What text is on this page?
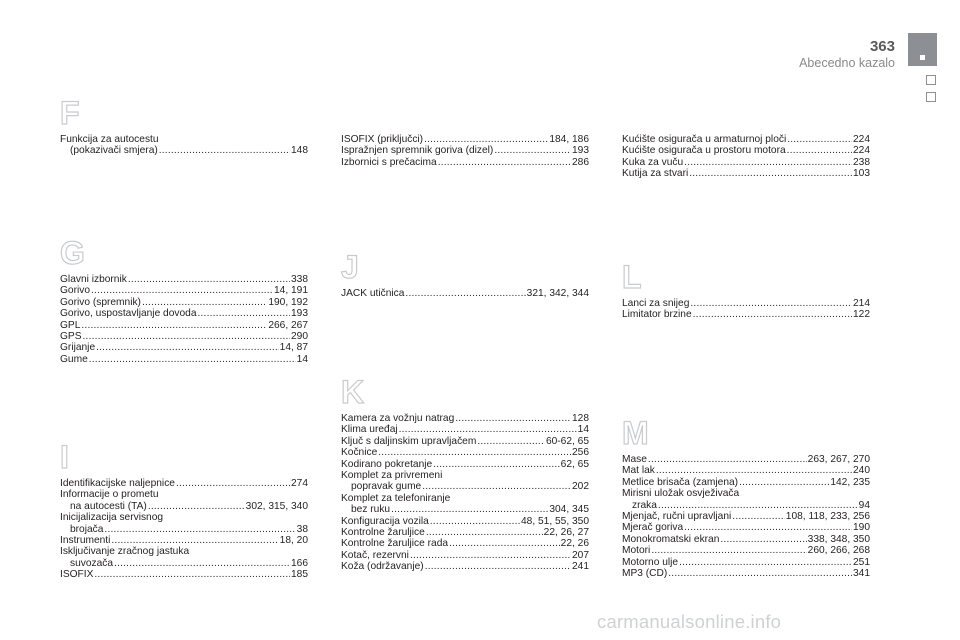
363
Abecedno kazalo
F
Funkcija za autocestu
(pokazivači smjera) .....	148
G
Glavni izbornik .....	338
Gorivo .....	14, 191
Gorivo (spremnik) .....	190, 192
Gorivo, uspostavljanje dovoda .....	193
GPL .....	266, 267
GPS .....	290
Grijanje .....	14, 87
Gume .....	14
I
Identifikacijske naljepnice .....	274
Informacije o prometu
na autocesti (TA) .....	302, 315, 340
Inicijalizacija servisnog
brojača .....	38
Instrumenti .....	18, 20
Isključivanje zračnog jastuka
suvozača .....	166
ISOFIX .....	185
ISOFIX (priključci) .....	184, 186
Ispražnjen spremnik goriva (dizel) .....	193
Izbornici s prečacima .....	286
J
JACK utičnica .....	321, 342, 344
K
Kamera za vožnju natrag .....	128
Klima uređaj .....	14
Ključ s daljinskim upravljačem .....	60-62, 65
Kočnice .....	256
Kodirano pokretanje .....	62, 65
Komplet za privremeni
popravak gume .....	202
Komplet za telefoniranje
bez ruku .....	304, 345
Konfiguracija vozila .....	48, 51, 55, 350
Kontrolne žaruljice .....	22, 26, 27
Kontrolne žaruljice rada .....	22, 26
Kotač, rezervni .....	207
Koža (održavanje) .....	241
Kućište osigurača u armaturnoj ploči .....	224
Kućište osigurača u prostoru motora .....	224
Kuka za vuču .....	238
Kutija za stvari .....	103
L
Lanci za snijeg .....	214
Limitator brzine .....	122
M
Mase .....	263, 267, 270
Mat lak .....	240
Metlice brisača (zamjena) .....	142, 235
Mirisni uložak osvježivača
zraka .....	94
Mjenjač, ručni upravljani .....	108, 118, 233, 256
Mjerač goriva .....	190
Monokromatski ekran .....	338, 348, 350
Motori .....	260, 266, 268
Motorno ulje .....	251
MP3 (CD) .....	341
carmanualsonline.info
